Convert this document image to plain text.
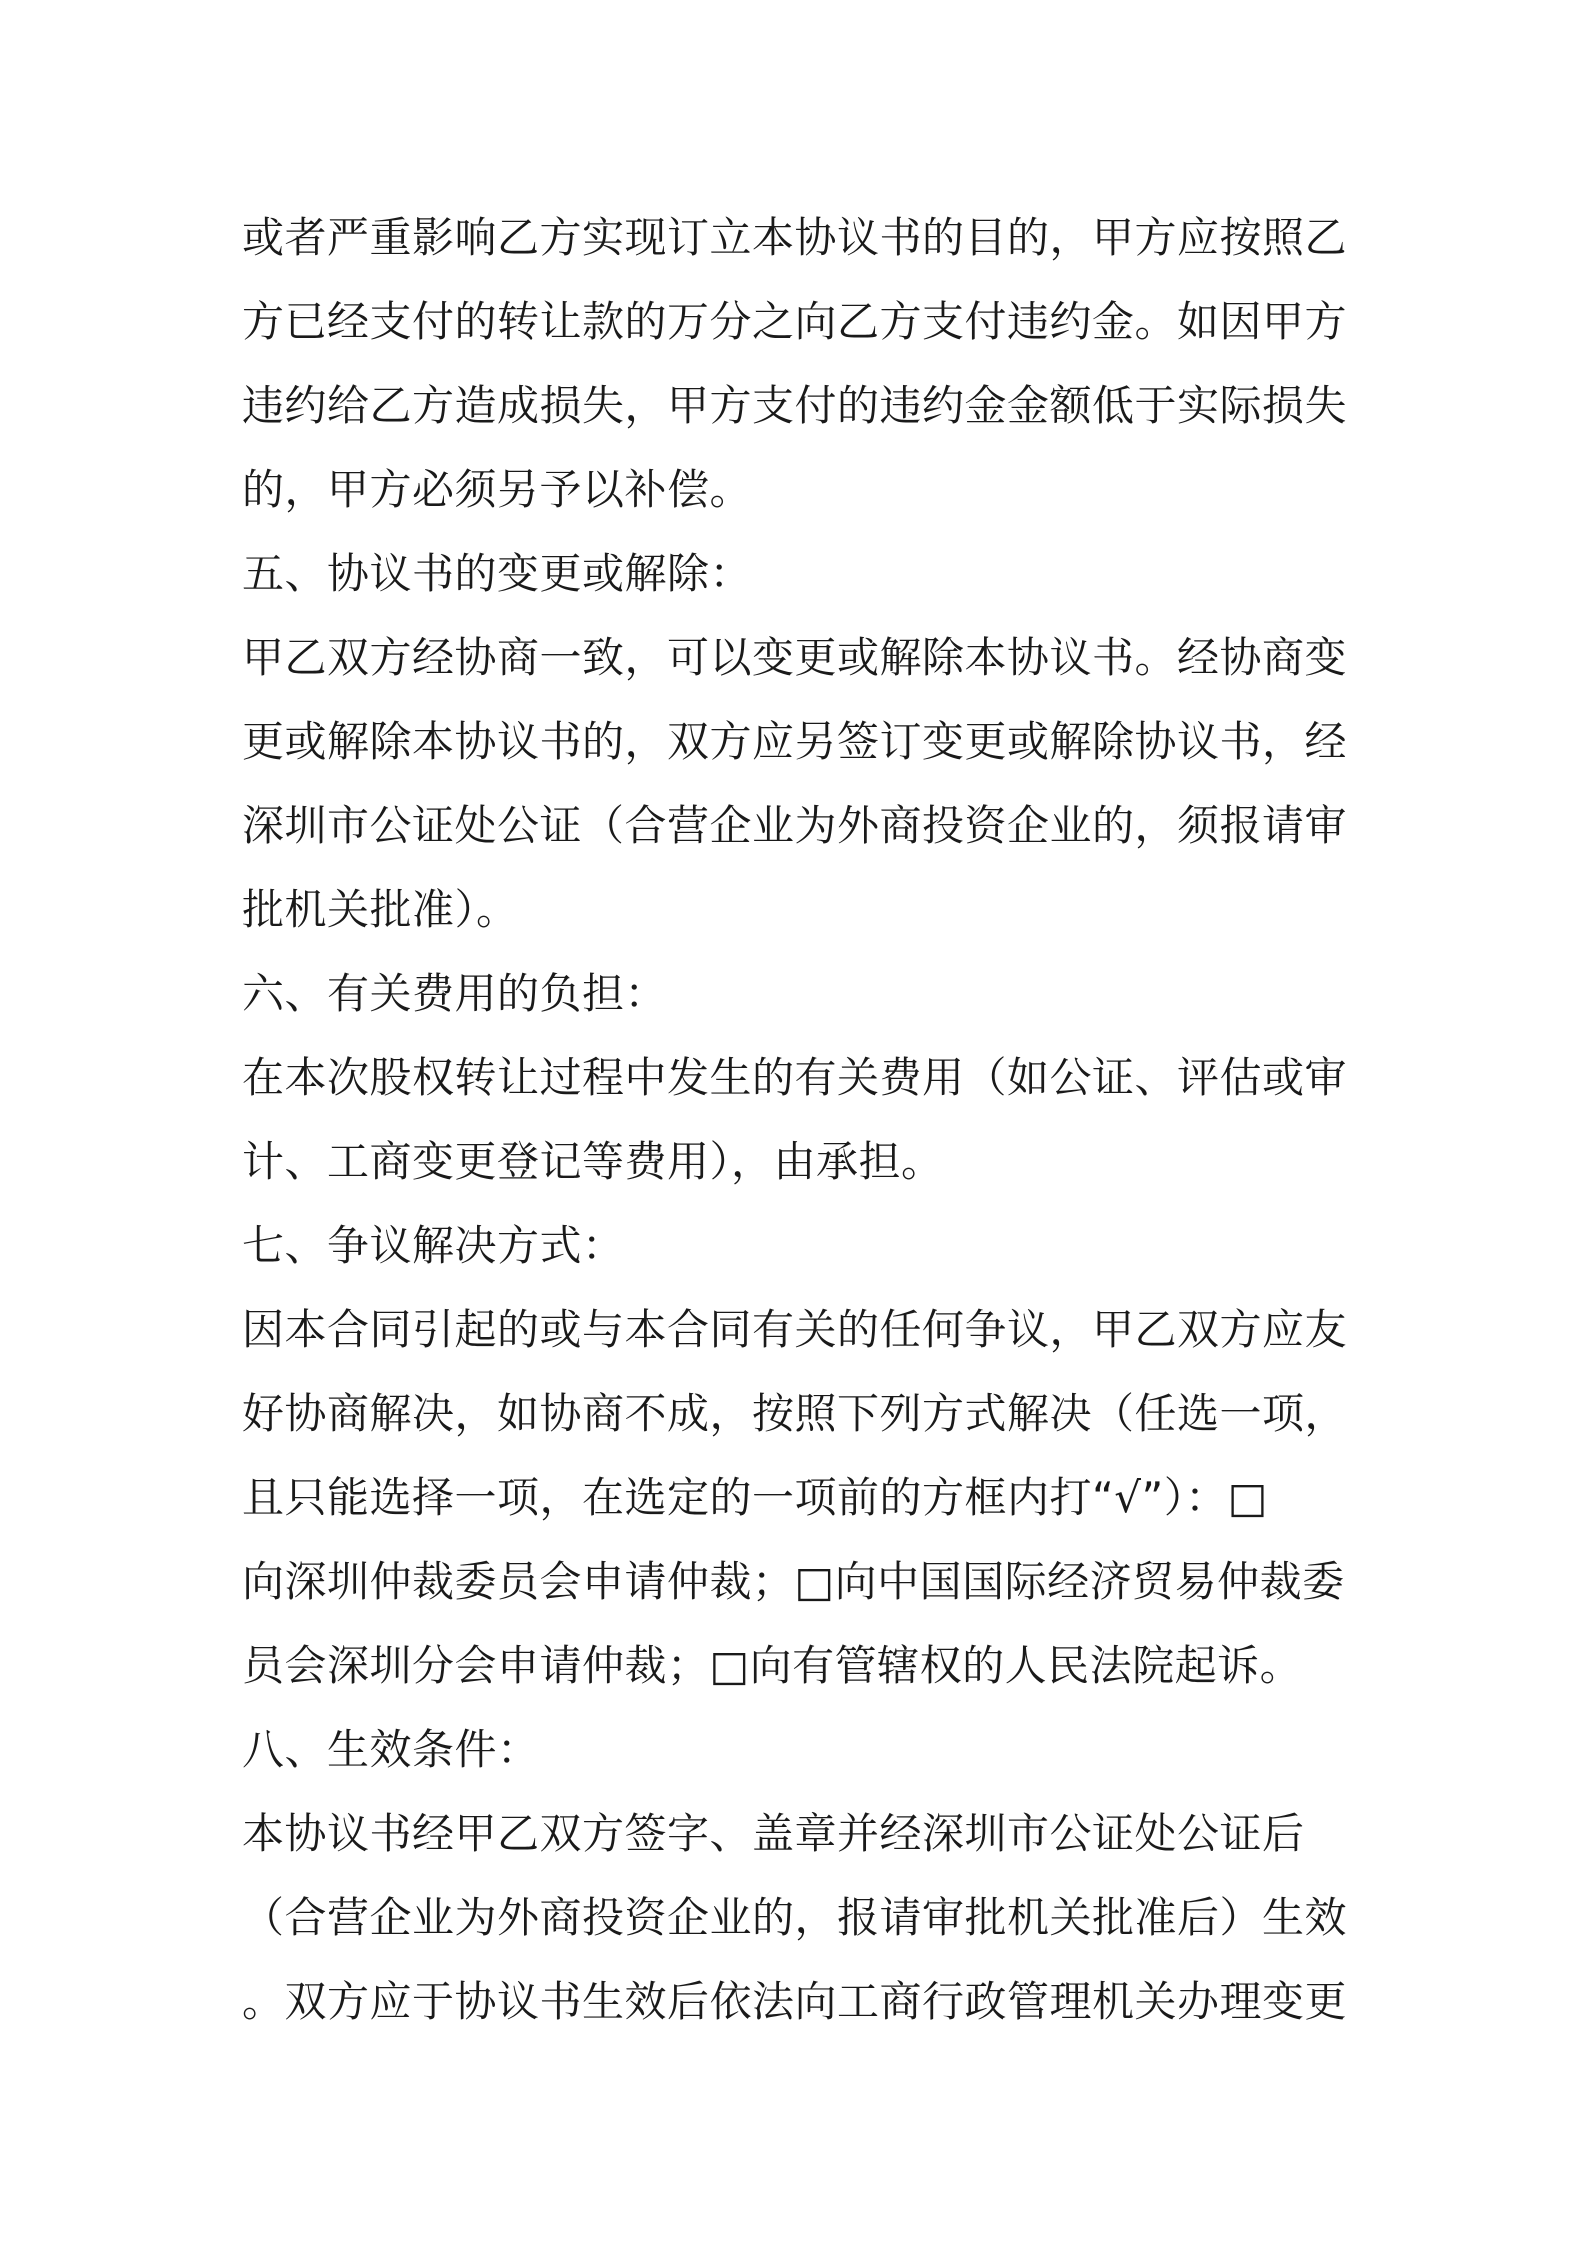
或者严重影响乙方实现订立本协议书的目的，甲方应按照乙
方已经支付的转让款的万分之向乙方支付违约金。如因甲方
违约给乙方造成损失，甲方支付的违约金金额低于实际损失
的，甲方必须另予以补偿。
五、协议书的变更或解除：
甲乙双方经协商一致，可以变更或解除本协议书。经协商变
更或解除本协议书的，双方应另签订变更或解除协议书，经
深圳市公证处公证（合营企业为外商投资企业的，须报请审
批机关批准）。
六、有关费用的负担：
在本次股权转让过程中发生的有关费用（如公证、评估或审
计、工商变更登记等费用），由承担。
七、争议解决方式：
因本合同引起的或与本合同有关的任何争议，甲乙双方应友
好协商解决，如协商不成，按照下列方式解决（任选一项，
且只能选择一项，在选定的一项前的方框内打“√”）：□
向深圳仲裁委员会申请仲裁；□向中国国际经济贸易仲裁委
员会深圳分会申请仲裁；□向有管辖权的人民法院起诉。
八、生效条件：
本协议书经甲乙双方签字、盖章并经深圳市公证处公证后
（合营企业为外商投资企业的，报请审批机关批准后）生效
。双方应于协议书生效后依法向工商行政管理机关办理变更
